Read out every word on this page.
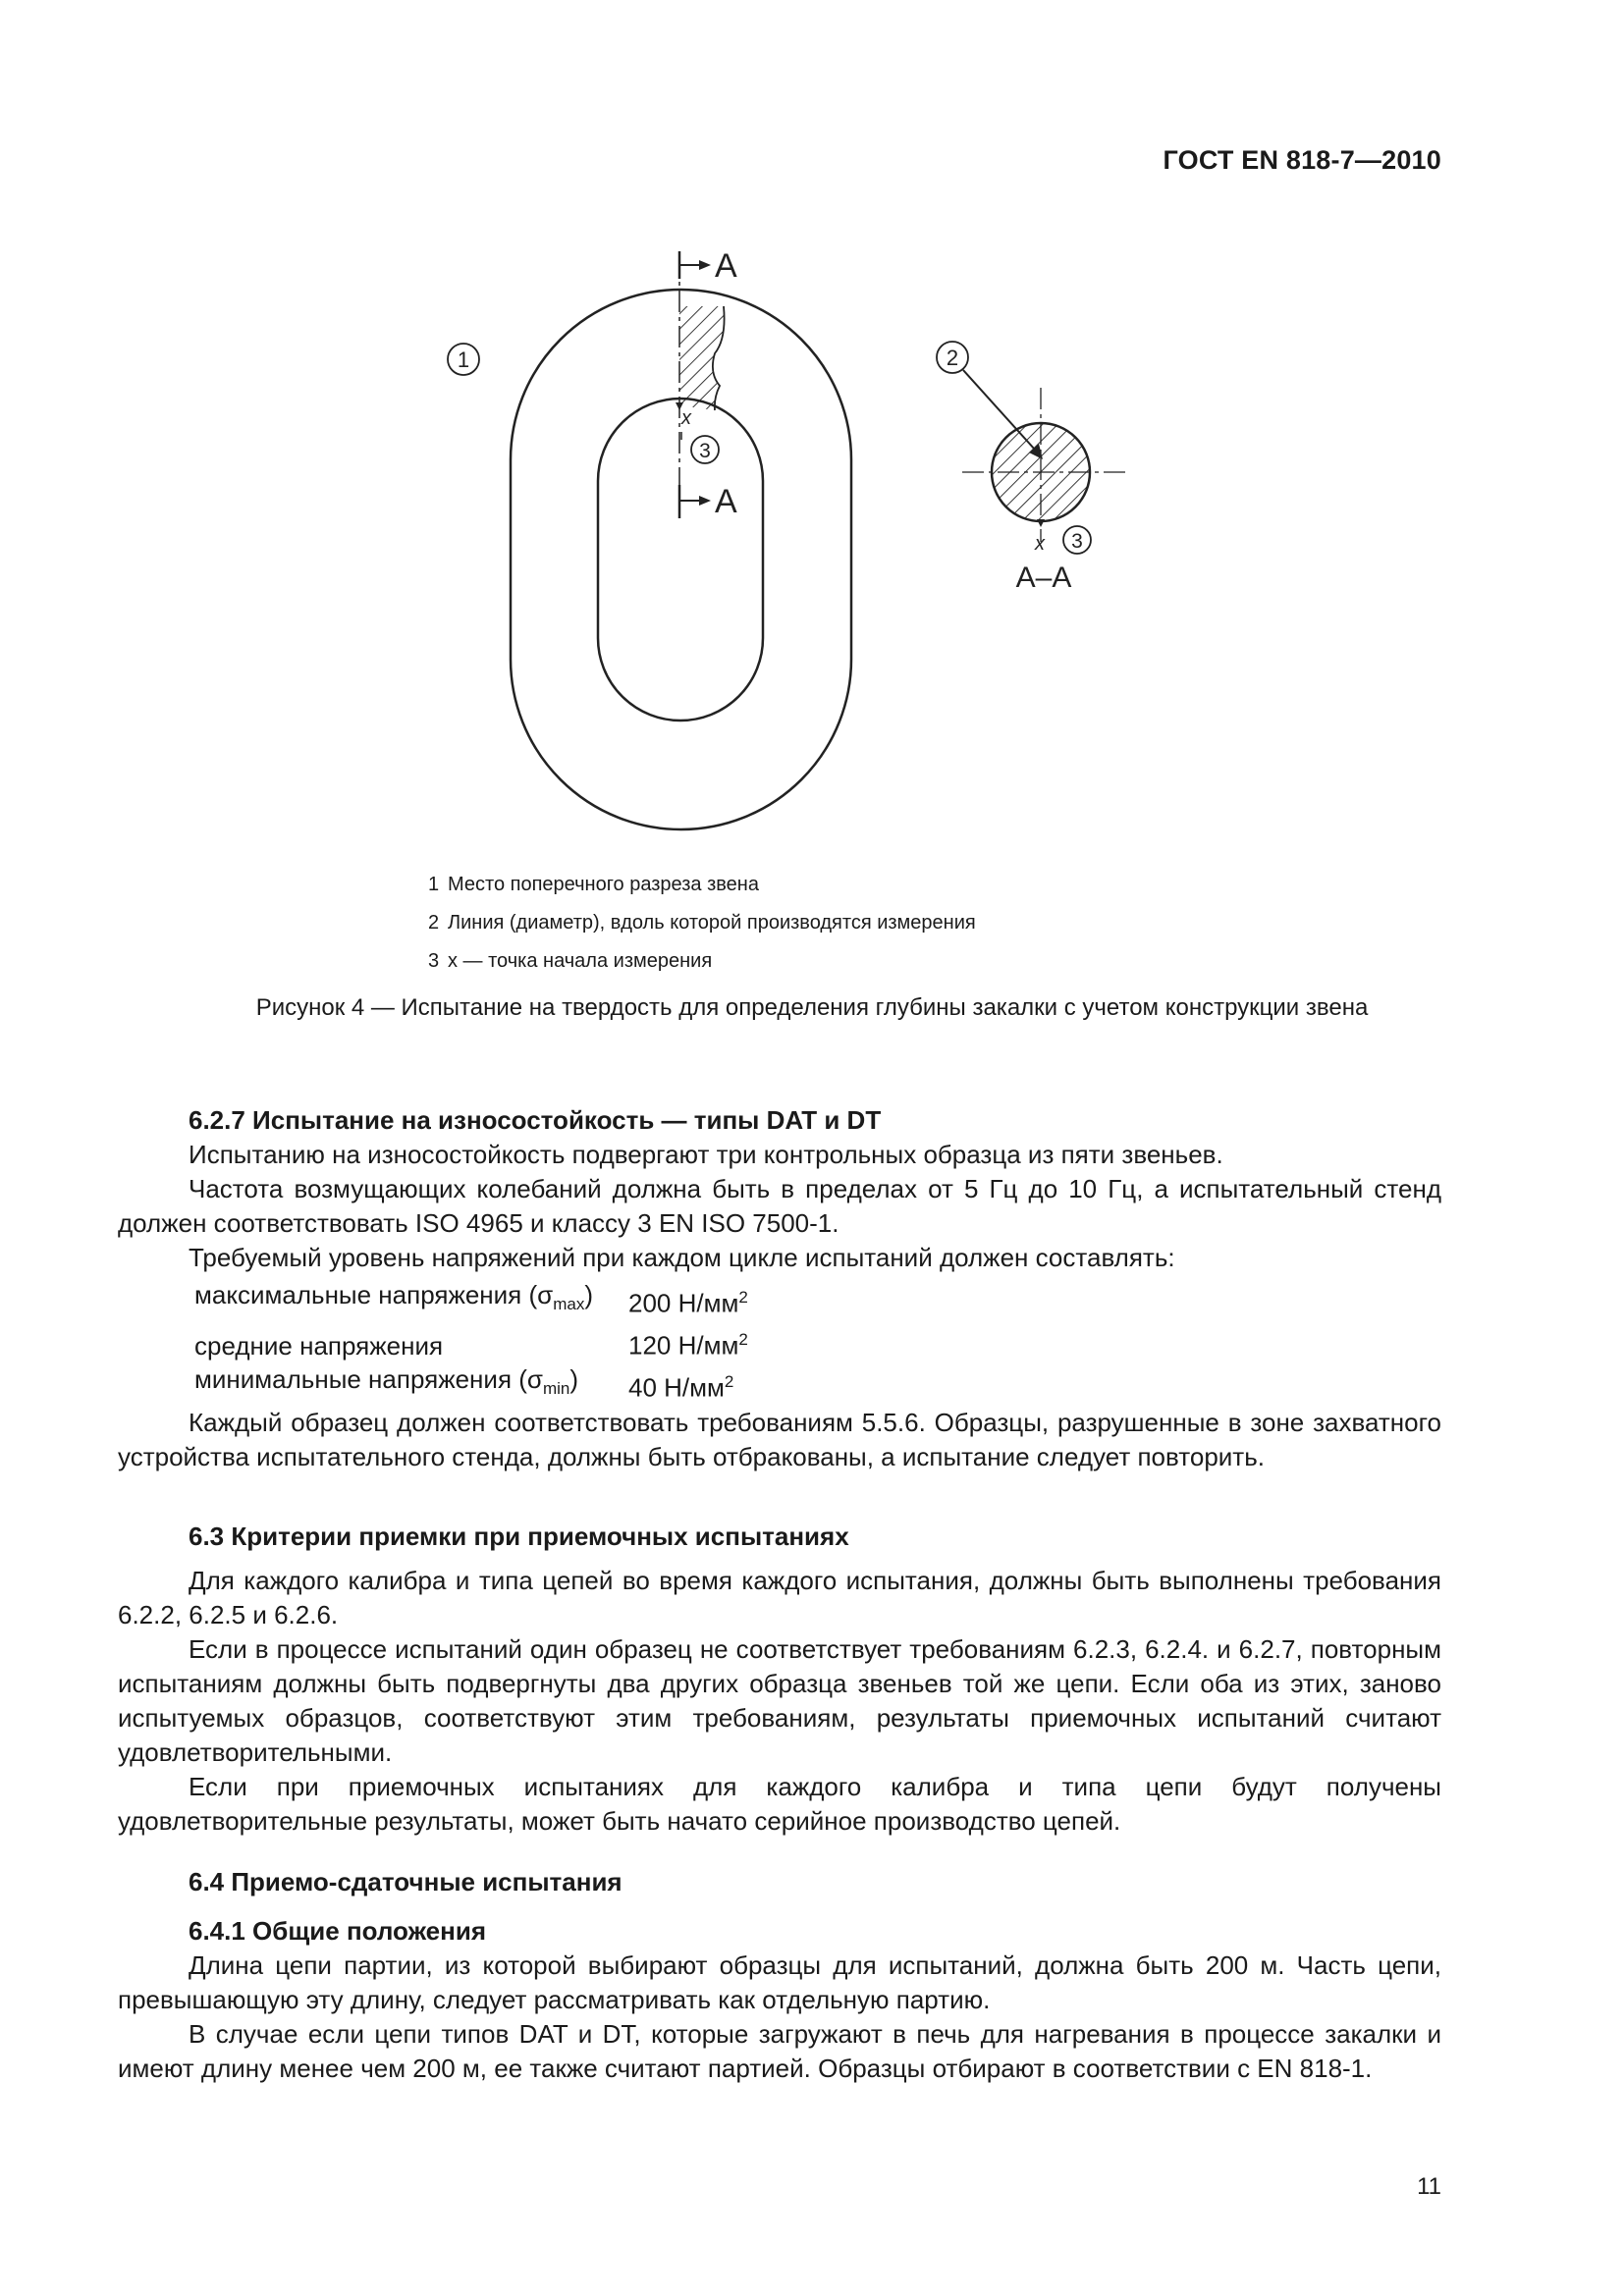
ГОСТ EN 818-7—2010
A
A
x
3
1	2
x 3
A–A
1 Место поперечного разреза звена
2 Линия (диаметр), вдоль которой производятся измерения
3 x — точка начала измерения
Рисунок 4 — Испытание на твердость для определения глубины закалки с учетом конструкции звена
6.2.7 Испытание на износостойкость — типы DAT и DT

Испытанию на износостойкость подвергают три контрольных образца из пяти звеньев.

Частота возмущающих колебаний должна быть в пределах от 5 Гц до 10 Гц, а испытательный стенд должен соответствовать ISO 4965 и классу 3 EN ISO 7500-1.

Требуемый уровень напряжений при каждом цикле испытаний должен составлять:

максимальные напряжения $(\sigma_{max})$	200 $Н/мм^2$
средние напряжения	120 $Н/мм^2$
минимальные напряжения $(\sigma_{min})$	40 $Н/мм^2$

Каждый образец должен соответствовать требованиям 5.5.6. Образцы, разрушенные в зоне захватного устройства испытательного стенда, должны быть отбракованы, а испытание следует повторить.

6.3 Критерии приемки при приемочных испытаниях

Для каждого калибра и типа цепей во время каждого испытания, должны быть выполнены требования 6.2.2, 6.2.5 и 6.2.6.

Если в процессе испытаний один образец не соответствует требованиям 6.2.3, 6.2.4. и 6.2.7, повторным испытаниям должны быть подвергнуты два других образца звеньев той же цепи. Если оба из этих, заново испытуемых образцов, соответствуют этим требованиям, результаты приемочных испытаний считают удовлетворительными.

Если при приемочных испытаниях для каждого калибра и типа цепи будут получены удовлетворительные результаты, может быть начато серийное производство цепей.

6.4 Приемо-сдаточные испытания
6.4.1 Общие положения

Длина цепи партии, из которой выбирают образцы для испытаний, должна быть 200 м. Часть цепи, превышающую эту длину, следует рассматривать как отдельную партию.

В случае если цепи типов DAT и DT, которые загружают в печь для нагревания в процессе закалки и имеют длину менее чем 200 м, ее также считают партией. Образцы отбирают в соответствии с EN 818-1.

11
